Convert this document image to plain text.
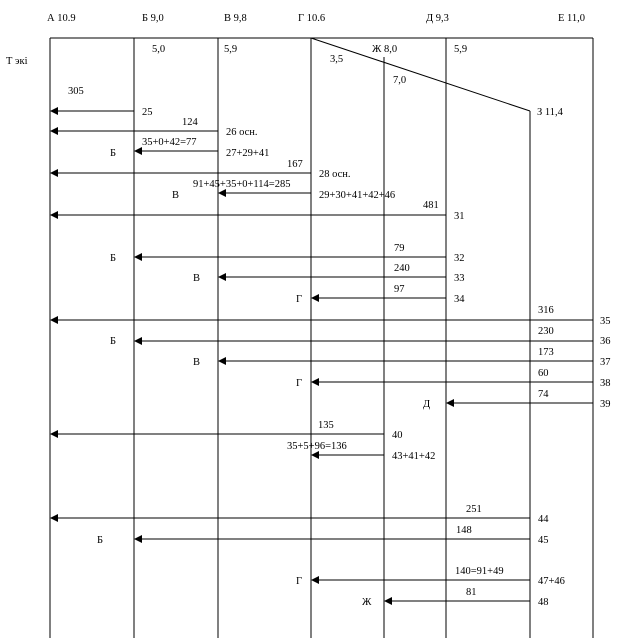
А 10.9	Б 9,0	В 9,8	Г 10.6	Д 9,3	Е 11,0
Т экі
Ж 8,0
З 11,4
5,0	5,9
3,5
7,0
5,9
305
25
124
26 осн.
35+0+42=77
27+29+41
Б
167
28 осн.
91+45+35+0+114=285
29+30+41+42+46
В
481
31
79
32
Б
240
33
В
97
34
Г
316
35
230
36
Б
173
37
В
60
38
Г
74
39
Д
135
40
35+5+96=136
43+41+42
251
44
148
45
Б
140=91+49
47+46
Г
81
48
Ж
